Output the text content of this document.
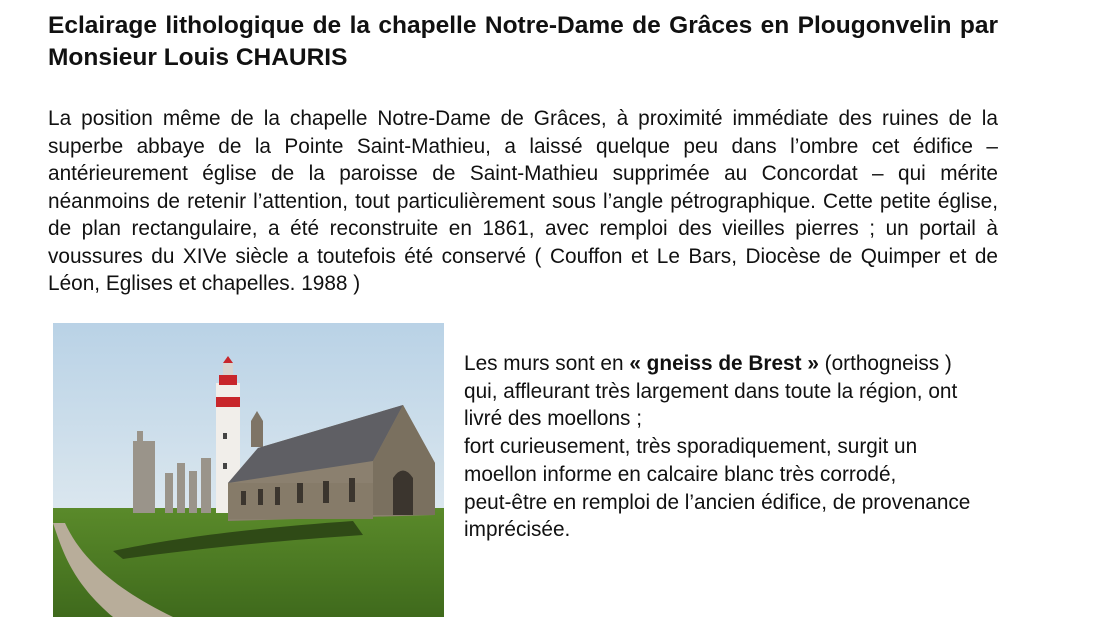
Eclairage lithologique de la chapelle Notre-Dame de Grâces en Plougonvelin par Monsieur Louis CHAURIS

La position même de la chapelle Notre-Dame de Grâces, à proximité immédiate des ruines de la superbe abbaye de la Pointe Saint-Mathieu, a laissé quelque peu dans l’ombre cet édifice – antérieurement église de la paroisse de Saint-Mathieu supprimée au Concordat – qui mérite néanmoins de retenir l’attention, tout particulièrement sous l’angle pétrographique. Cette petite église, de plan rectangulaire, a été reconstruite en 1861, avec remploi des vieilles pierres ; un portail à voussures du XIVe siècle a toutefois été conservé ( Couffon et Le Bars, Diocèse de Quimper et de Léon, Eglises et chapelles. 1988 )

Les murs sont en « gneiss de Brest » (orthogneiss )
qui, affleurant très largement dans toute la région, ont
livré des moellons ;
fort curieusement, très sporadiquement, surgit un
moellon informe en calcaire blanc très corrodé,
peut-être en remploi de l’ancien édifice, de provenance
imprécisée.
